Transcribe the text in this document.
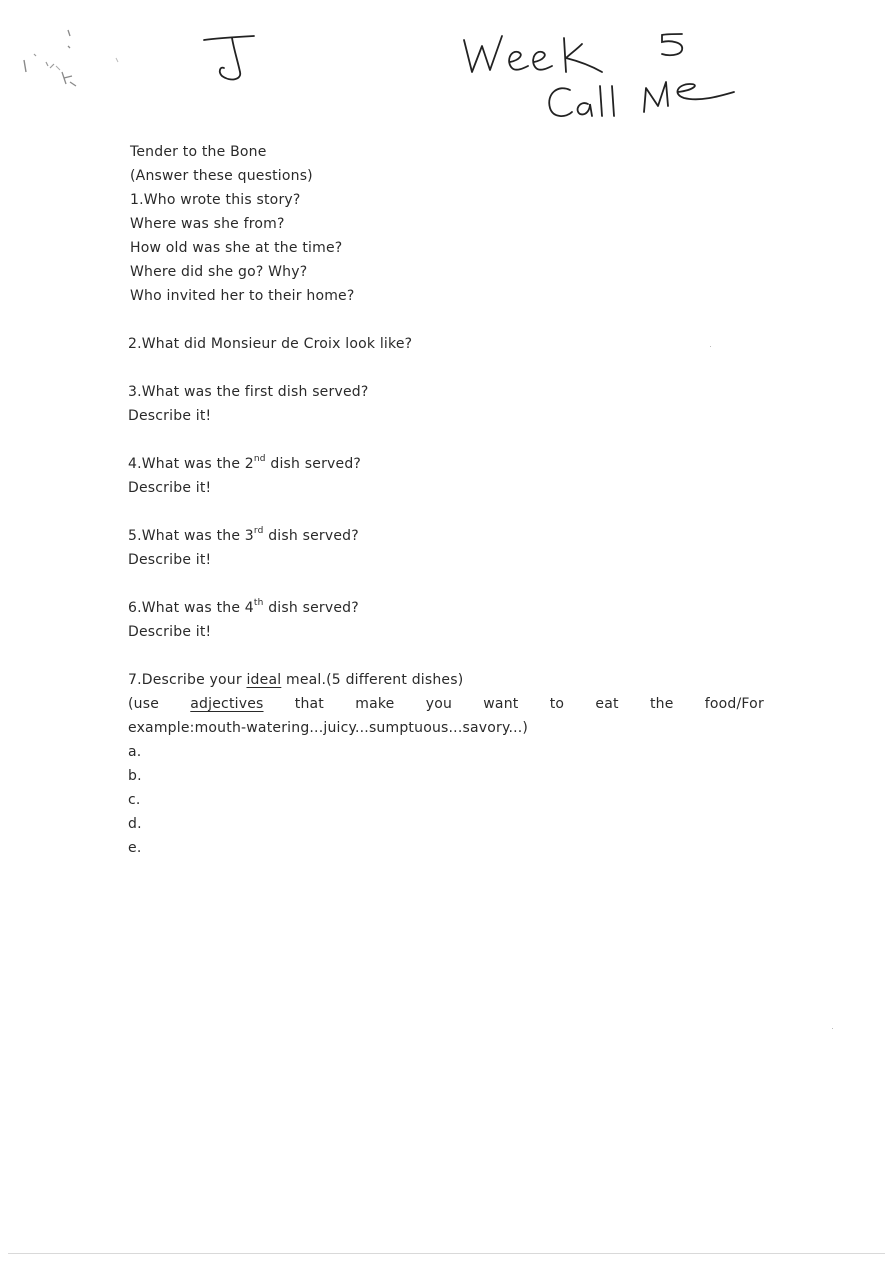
J
Tender to the Bone
(Answer these questions)
1.Who wrote this story?
Where was she from?
How old was she at the time?
Where did she go? Why?
Who invited her to their home?
2.What did Monsieur de Croix look like?
3.What was the first dish served?
Describe it!
4.What was the 2nd dish served?
Describe it!
5.What was the 3rd dish served?
Describe it!
6.What was the 4th dish served?
Describe it!
7.Describe your ideal meal.(5 different dishes)
(use adjectives that make you want to eat the food/For
example:mouth-watering...juicy...sumptuous...savory...)
a.
b.
c.
d.
e.
